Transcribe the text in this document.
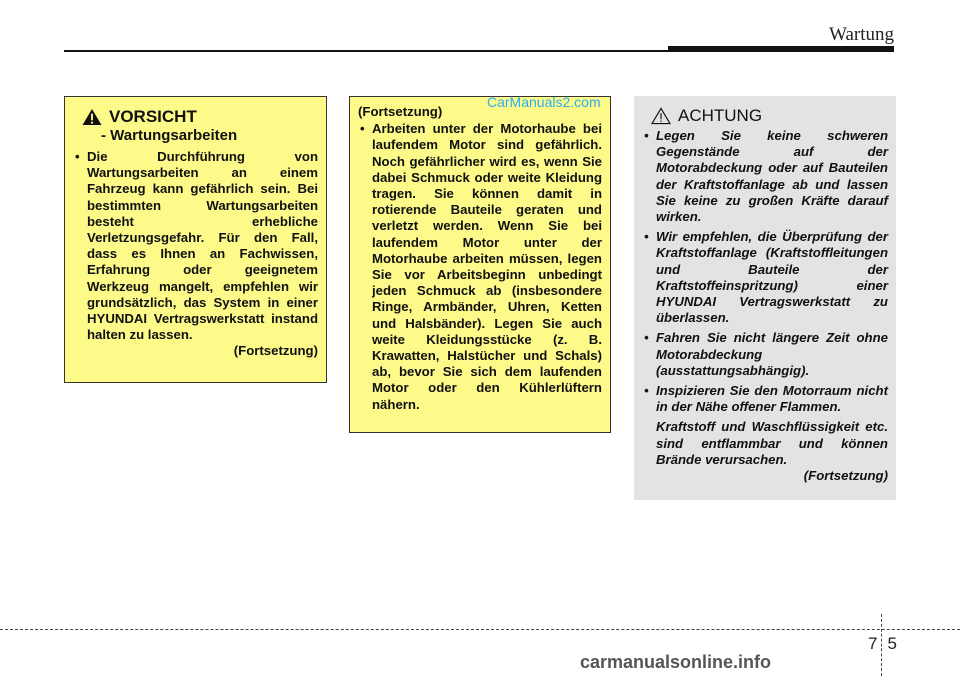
Wartung
VORSICHT
- Wartungsarbeiten
• Die Durchführung von Wartungsarbeiten an einem Fahrzeug kann gefährlich sein. Bei bestimmten Wartungsarbeiten besteht erhebliche Verletzungsgefahr. Für den Fall, dass es Ihnen an Fachwissen, Erfahrung oder geeignetem Werkzeug mangelt, empfehlen wir grundsätzlich, das System in einer HYUNDAI Vertragswerkstatt instand halten zu lassen.
(Fortsetzung)
(Fortsetzung)
• Arbeiten unter der Motorhaube bei laufendem Motor sind gefährlich. Noch gefährlicher wird es, wenn Sie dabei Schmuck oder weite Kleidung tragen. Sie können damit in rotierende Bauteile geraten und verletzt werden. Wenn Sie bei laufendem Motor unter der Motorhaube arbeiten müssen, legen Sie vor Arbeitsbeginn unbedingt jeden Schmuck ab (insbesondere Ringe, Armbänder, Uhren, Ketten und Halsbänder). Legen Sie auch weite Kleidungsstücke (z. B. Krawatten, Halstücher und Schals) ab, bevor Sie sich dem laufenden Motor oder den Kühlerlüftern nähern.
CarManuals2.com
ACHTUNG
• Legen Sie keine schweren Gegenstände auf der Motorabdeckung oder auf Bauteilen der Kraftstoffanlage ab und lassen Sie keine zu großen Kräfte darauf wirken.
• Wir empfehlen, die Überprüfung der Kraftstoffanlage (Kraftstoffleitungen und Bauteile der Kraftstoffeinspritzung) einer HYUNDAI Vertragswerkstatt zu überlassen.
• Fahren Sie nicht längere Zeit ohne Motorabdeckung (ausstattungsabhängig).
• Inspizieren Sie den Motorraum nicht in der Nähe offener Flammen.
Kraftstoff und Waschflüssigkeit etc. sind entflammbar und können Brände verursachen.
(Fortsetzung)
75
carmanualsonline.info
